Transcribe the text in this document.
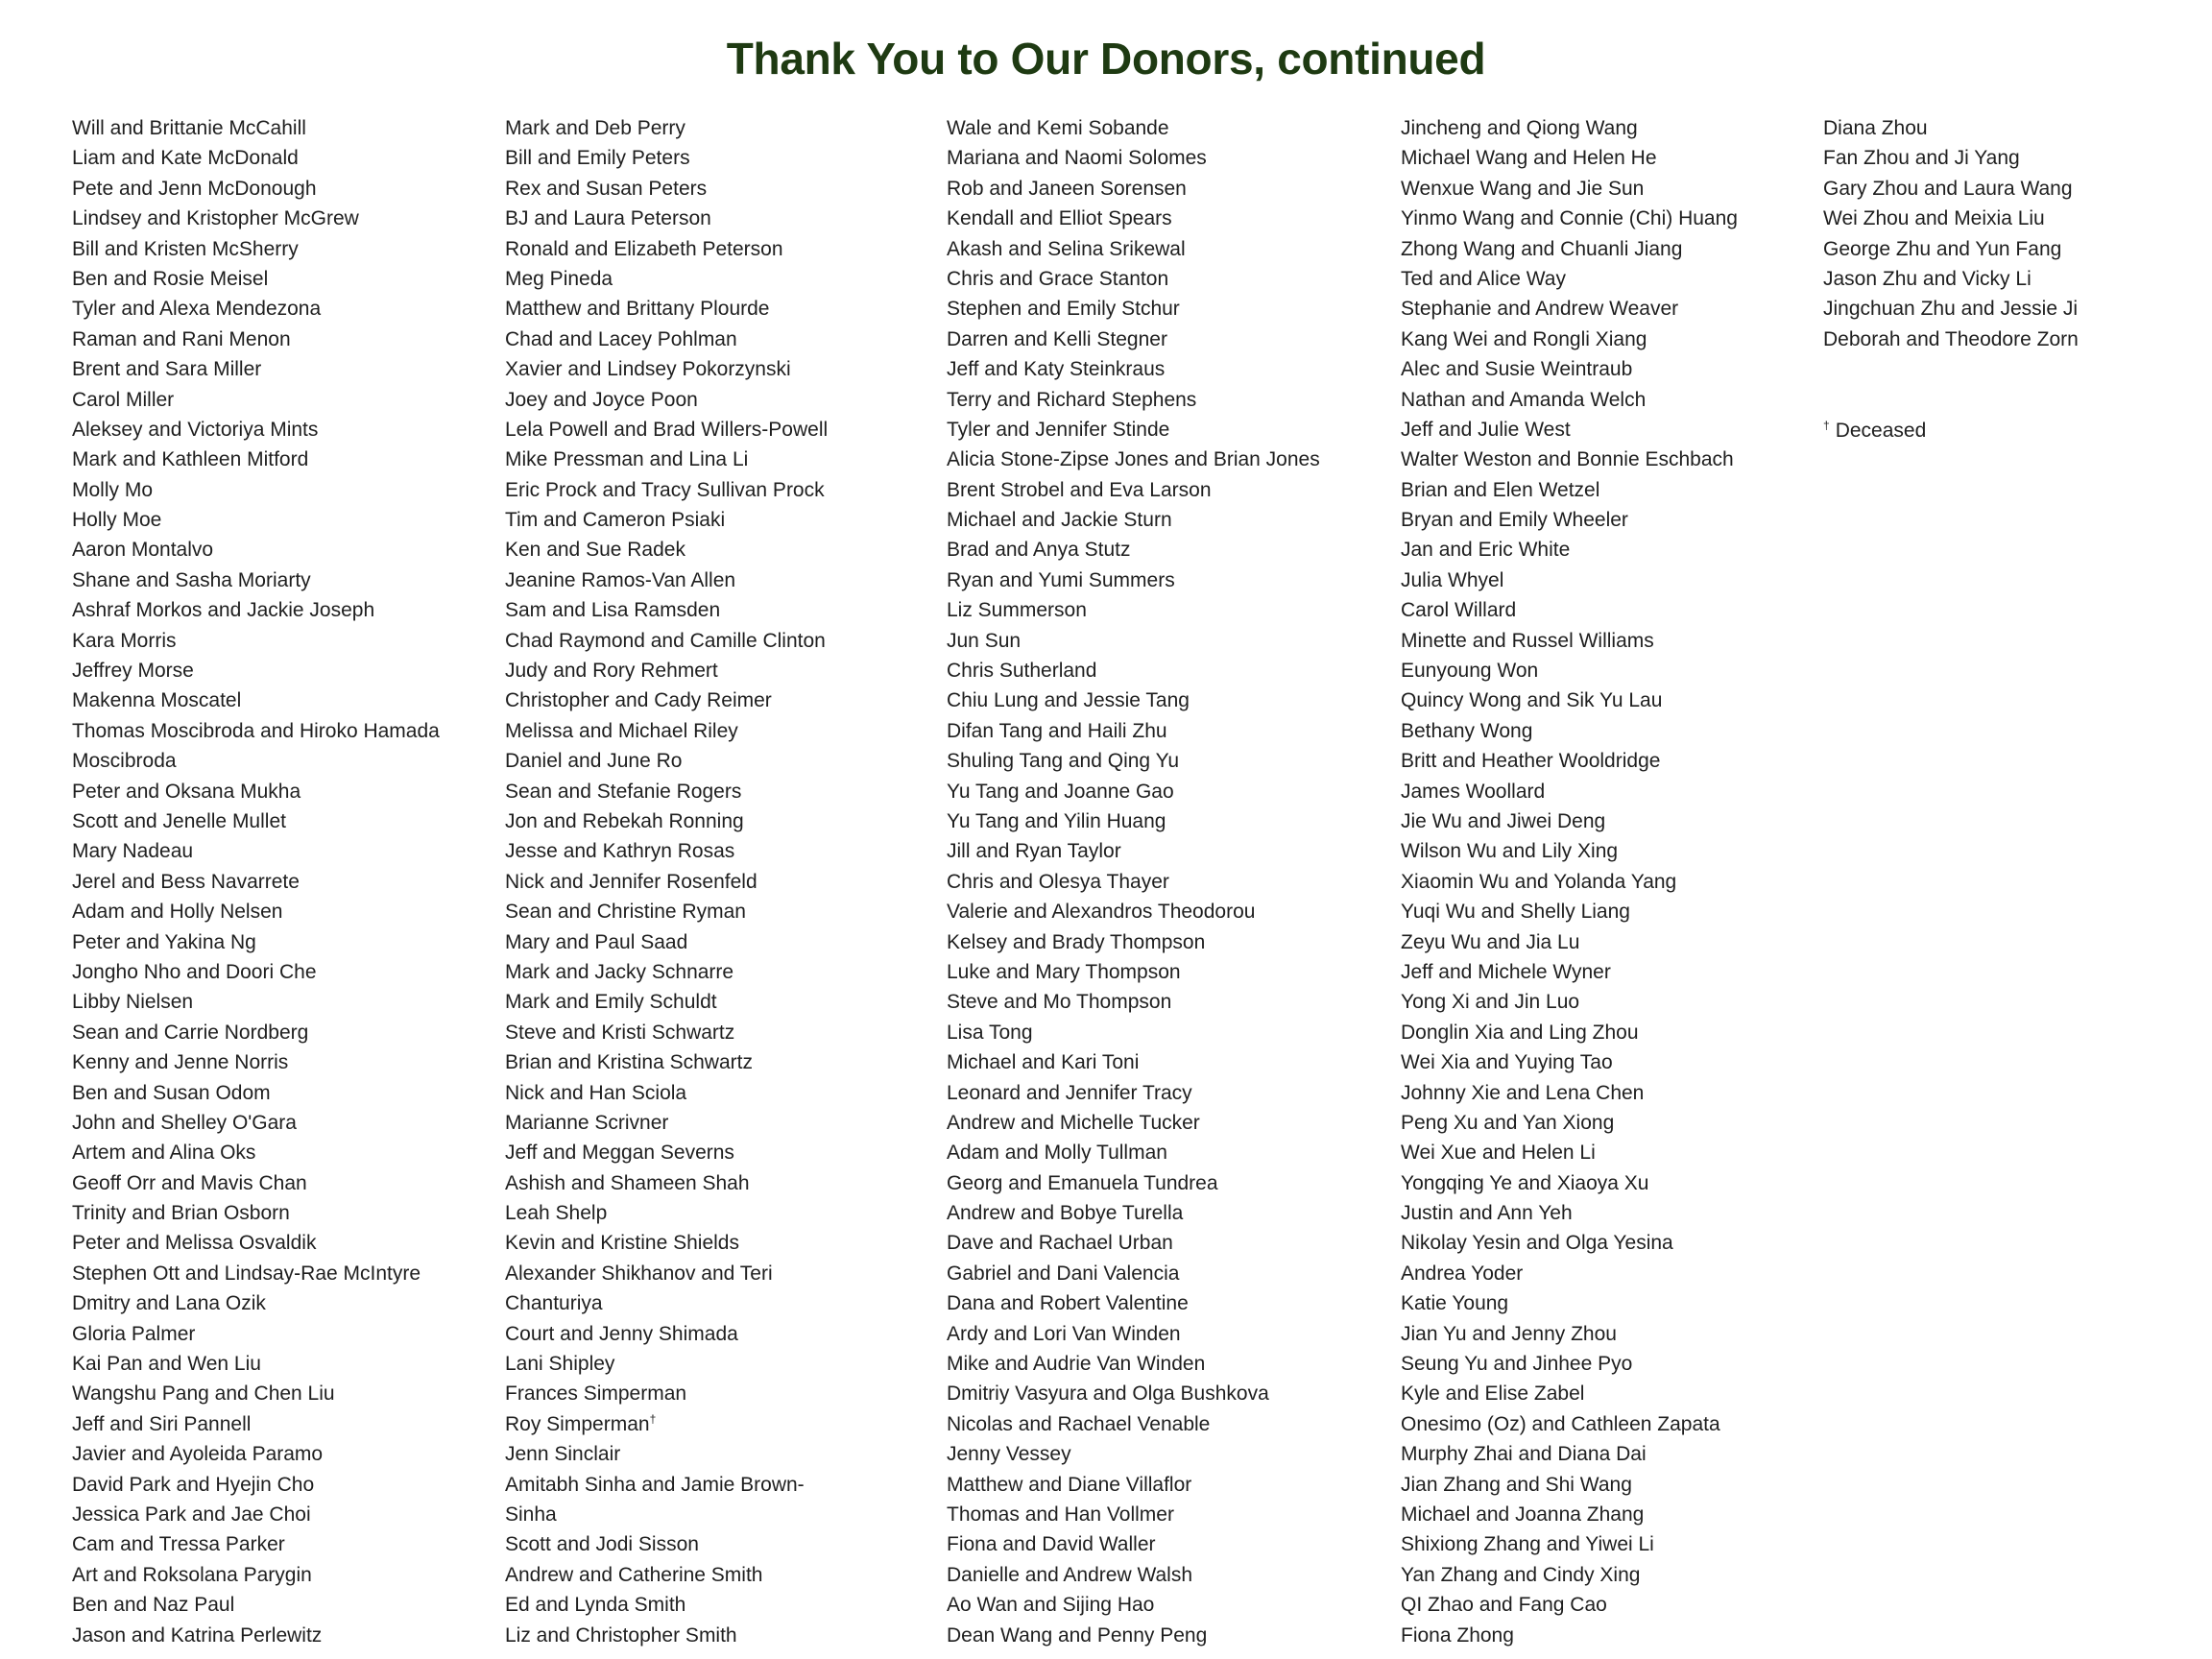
Thank You to Our Donors, continued
Will and Brittanie McCahill
Liam and Kate McDonald
Pete and Jenn McDonough
Lindsey and Kristopher McGrew
Bill and Kristen McSherry
Ben and Rosie Meisel
Tyler and Alexa Mendezona
Raman and Rani Menon
Brent and Sara Miller
Carol Miller
Aleksey and Victoriya Mints
Mark and Kathleen Mitford
Molly Mo
Holly Moe
Aaron Montalvo
Shane and Sasha Moriarty
Ashraf Morkos and Jackie Joseph
Kara Morris
Jeffrey Morse
Makenna Moscatel
Thomas Moscibroda and Hiroko Hamada
Moscibroda
Peter and Oksana Mukha
Scott and Jenelle Mullet
Mary Nadeau
Jerel and Bess Navarrete
Adam and Holly Nelsen
Peter and Yakina Ng
Jongho Nho and Doori Che
Libby Nielsen
Sean and Carrie Nordberg
Kenny and Jenne Norris
Ben and Susan Odom
John and Shelley O'Gara
Artem and Alina Oks
Geoff Orr and Mavis Chan
Trinity and Brian Osborn
Peter and Melissa Osvaldik
Stephen Ott and Lindsay-Rae McIntyre
Dmitry and Lana Ozik
Gloria Palmer
Kai Pan and Wen Liu
Wangshu Pang and Chen Liu
Jeff and Siri Pannell
Javier and Ayoleida Paramo
David Park and Hyejin Cho
Jessica Park and Jae Choi
Cam and Tressa Parker
Art and Roksolana Parygin
Ben and Naz Paul
Jason and Katrina Perlewitz
Mark and Deb Perry
Bill and Emily Peters
Rex and Susan Peters
BJ and Laura Peterson
Ronald and Elizabeth Peterson
Meg Pineda
Matthew and Brittany Plourde
Chad and Lacey Pohlman
Xavier and Lindsey Pokorzynski
Joey and Joyce Poon
Lela Powell and Brad Willers-Powell
Mike Pressman and Lina Li
Eric Prock and Tracy Sullivan Prock
Tim and Cameron Psiaki
Ken and Sue Radek
Jeanine Ramos-Van Allen
Sam and Lisa Ramsden
Chad Raymond and Camille Clinton
Judy and Rory Rehmert
Christopher and Cady Reimer
Melissa and Michael Riley
Daniel and June Ro
Sean and Stefanie Rogers
Jon and Rebekah Ronning
Jesse and Kathryn Rosas
Nick and Jennifer Rosenfeld
Sean and Christine Ryman
Mary and Paul Saad
Mark and Jacky Schnarre
Mark and Emily Schuldt
Steve and Kristi Schwartz
Brian and Kristina Schwartz
Nick and Han Sciola
Marianne Scrivner
Jeff and Meggan Severns
Ashish and Shameen Shah
Leah Shelp
Kevin and Kristine Shields
Alexander Shikhanov and Teri
Chanturiya
Court and Jenny Shimada
Lani Shipley
Frances Simperman
Roy Simperman†
Jenn Sinclair
Amitabh Sinha and Jamie Brown-
Sinha
Scott and Jodi Sisson
Andrew and Catherine Smith
Ed and Lynda Smith
Liz and Christopher Smith
Wale and Kemi Sobande
Mariana and Naomi Solomes
Rob and Janeen Sorensen
Kendall and Elliot Spears
Akash and Selina Srikewal
Chris and Grace Stanton
Stephen and Emily Stchur
Darren and Kelli Stegner
Jeff and Katy Steinkraus
Terry and Richard Stephens
Tyler and Jennifer Stinde
Alicia Stone-Zipse Jones and Brian Jones
Brent Strobel and Eva Larson
Michael and Jackie Sturn
Brad and Anya Stutz
Ryan and Yumi Summers
Liz Summerson
Jun Sun
Chris Sutherland
Chiu Lung and Jessie Tang
Difan Tang and Haili Zhu
Shuling Tang and Qing Yu
Yu Tang and Joanne Gao
Yu Tang and Yilin Huang
Jill and Ryan Taylor
Chris and Olesya Thayer
Valerie and Alexandros Theodorou
Kelsey and Brady Thompson
Luke and Mary Thompson
Steve and Mo Thompson
Lisa Tong
Michael and Kari Toni
Leonard and Jennifer Tracy
Andrew and Michelle Tucker
Adam and Molly Tullman
Georg and Emanuela Tundrea
Andrew and Bobye Turella
Dave and Rachael Urban
Gabriel and Dani Valencia
Dana and Robert Valentine
Ardy and Lori Van Winden
Mike and Audrie Van Winden
Dmitriy Vasyura and Olga Bushkova
Nicolas and Rachael Venable
Jenny Vessey
Matthew and Diane Villaflor
Thomas and Han Vollmer
Fiona and David Waller
Danielle and Andrew Walsh
Ao Wan and Sijing Hao
Dean Wang and Penny Peng
Jincheng and Qiong Wang
Michael Wang and Helen He
Wenxue Wang and Jie Sun
Yinmo Wang and Connie (Chi) Huang
Zhong Wang and Chuanli Jiang
Ted and Alice Way
Stephanie and Andrew Weaver
Kang Wei and Rongli Xiang
Alec and Susie Weintraub
Nathan and Amanda Welch
Jeff and Julie West
Walter Weston and Bonnie Eschbach
Brian and Elen Wetzel
Bryan and Emily Wheeler
Jan and Eric White
Julia Whyel
Carol Willard
Minette and Russel Williams
Eunyoung Won
Quincy Wong and Sik Yu Lau
Bethany Wong
Britt and Heather Wooldridge
James Woollard
Jie Wu and Jiwei Deng
Wilson Wu and Lily Xing
Xiaomin Wu and Yolanda Yang
Yuqi Wu and Shelly Liang
Zeyu Wu and Jia Lu
Jeff and Michele Wyner
Yong Xi and Jin Luo
Donglin Xia and Ling Zhou
Wei Xia and Yuying Tao
Johnny Xie and Lena Chen
Peng Xu and Yan Xiong
Wei Xue and Helen Li
Yongqing Ye and Xiaoya Xu
Justin and Ann Yeh
Nikolay Yesin and Olga Yesina
Andrea Yoder
Katie Young
Jian Yu and Jenny Zhou
Seung Yu and Jinhee Pyo
Kyle and Elise Zabel
Onesimo (Oz) and Cathleen Zapata
Murphy Zhai and Diana Dai
Jian Zhang and Shi Wang
Michael and Joanna Zhang
Shixiong Zhang and Yiwei Li
Yan Zhang and Cindy Xing
QI Zhao and Fang Cao
Fiona Zhong
Diana Zhou
Fan Zhou and Ji Yang
Gary Zhou and Laura Wang
Wei Zhou and Meixia Liu
George Zhu and Yun Fang
Jason Zhu and Vicky Li
Jingchuan Zhu and Jessie Ji
Deborah and Theodore Zorn
† Deceased
